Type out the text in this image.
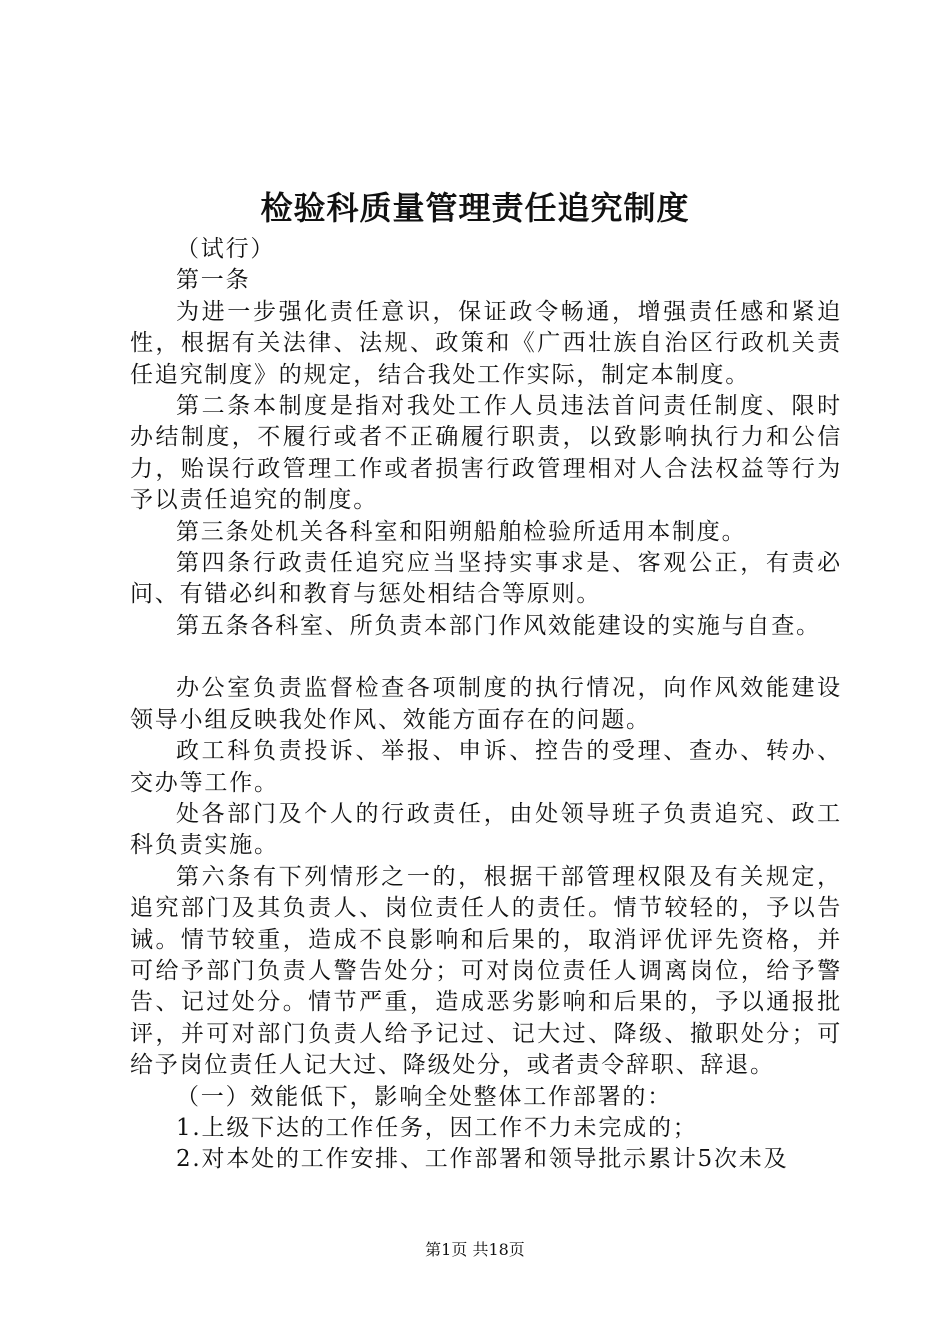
检验科质量管理责任追究制度

（试行）

第一条

为进一步强化责任意识，保证政令畅通，增强责任感和紧迫性，根据有关法律、法规、政策和《广西壮族自治区行政机关责任追究制度》的规定，结合我处工作实际，制定本制度。

第二条本制度是指对我处工作人员违法首问责任制度、限时办结制度，不履行或者不正确履行职责，以致影响执行力和公信力，贻误行政管理工作或者损害行政管理相对人合法权益等行为予以责任追究的制度。

第三条处机关各科室和阳朔船舶检验所适用本制度。

第四条行政责任追究应当坚持实事求是、客观公正，有责必问、有错必纠和教育与惩处相结合等原则。

第五条各科室、所负责本部门作风效能建设的实施与自查。

办公室负责监督检查各项制度的执行情况，向作风效能建设领导小组反映我处作风、效能方面存在的问题。

政工科负责投诉、举报、申诉、控告的受理、查办、转办、交办等工作。

处各部门及个人的行政责任，由处领导班子负责追究、政工科负责实施。

第六条有下列情形之一的，根据干部管理权限及有关规定，追究部门及其负责人、岗位责任人的责任。情节较轻的，予以告诫。情节较重，造成不良影响和后果的，取消评优评先资格，并可给予部门负责人警告处分；可对岗位责任人调离岗位，给予警告、记过处分。情节严重，造成恶劣影响和后果的，予以通报批评，并可对部门负责人给予记过、记大过、降级、撤职处分；可给予岗位责任人记大过、降级处分，或者责令辞职、辞退。

（一）效能低下，影响全处整体工作部署的：

1.上级下达的工作任务，因工作不力未完成的；

2.对本处的工作安排、工作部署和领导批示累计5次未及

第1页 共18页
